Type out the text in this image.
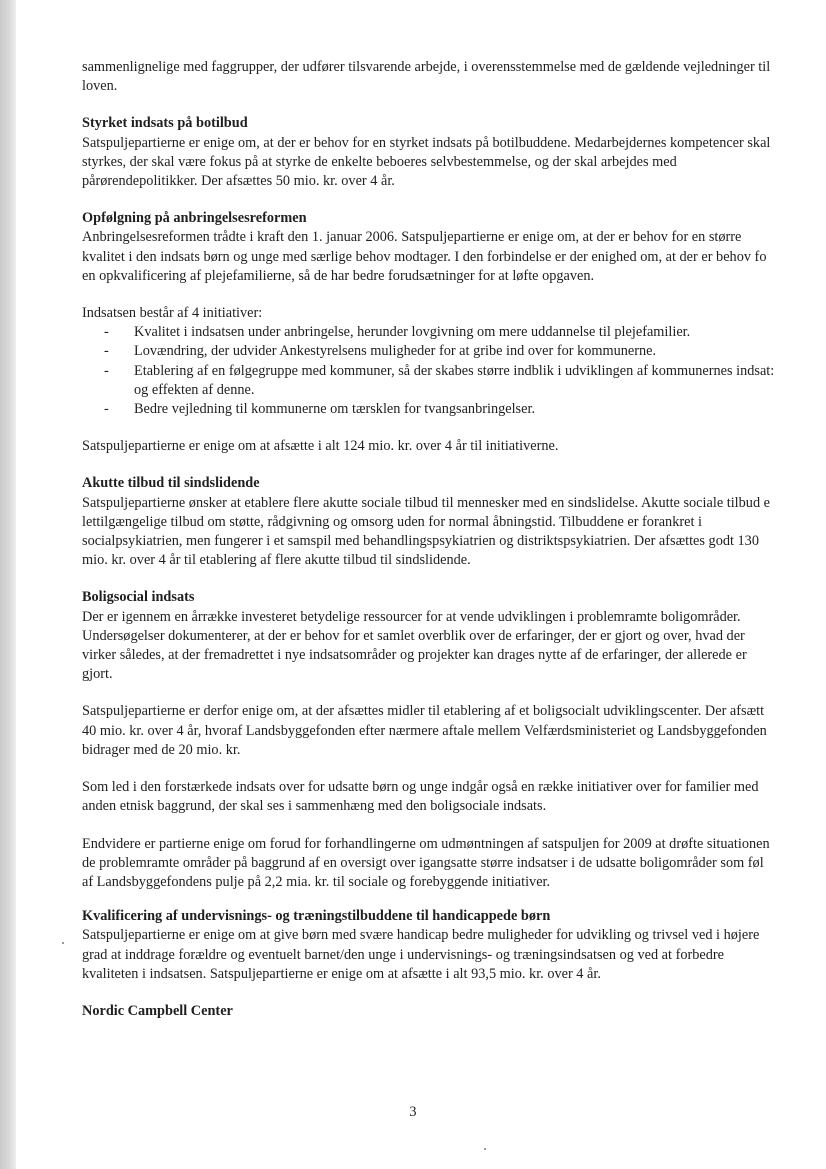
sammenlignelige med faggrupper, der udfører tilsvarende arbejde, i overensstemmelse med de gældende vejledninger til

loven.

Styrket indsats på botilbud

Satspuljepartierne er enige om, at der er behov for en styrket indsats på botilbuddene. Medarbejdernes kompetencer skal

styrkes, der skal være fokus på at styrke de enkelte beboeres selvbestemmelse, og der skal arbejdes med

pårørendepolitikker. Der afsættes 50 mio. kr. over 4 år.

Opfølgning på anbringelsesreformen

Anbringelsesreformen trådte i kraft den 1. januar 2006. Satspuljepartierne er enige om, at der er behov for en større

kvalitet i den indsats børn og unge med særlige behov modtager. I den forbindelse er der enighed om, at der er behov fo

en opkvalificering af plejefamilierne, så de har bedre forudsætninger for at løfte opgaven.

Indsatsen består af 4 initiativer:

-	Kvalitet i indsatsen under anbringelse, herunder lovgivning om mere uddannelse til plejefamilier.

-	Lovændring, der udvider Ankestyrelsens muligheder for at gribe ind over for kommunerne.

-	Etablering af en følgegruppe med kommuner, så der skabes større indblik i udviklingen af kommunernes indsat:

og effekten af denne.

-	Bedre vejledning til kommunerne om tærsklen for tvangsanbringelser.

Satspuljepartierne er enige om at afsætte i alt 124 mio. kr. over 4 år til initiativerne.

Akutte tilbud til sindslidende

Satspuljepartierne ønsker at etablere flere akutte sociale tilbud til mennesker med en sindslidelse. Akutte sociale tilbud e

lettilgængelige tilbud om støtte, rådgivning og omsorg uden for normal åbningstid. Tilbuddene er forankret i

socialpsykiatrien, men fungerer i et samspil med behandlingspsykiatrien og distriktspsykiatrien. Der afsættes godt 130

mio. kr. over 4 år til etablering af flere akutte tilbud til sindslidende.

Boligsocial indsats

Der er igennem en årrække investeret betydelige ressourcer for at vende udviklingen i problemramte boligområder.

Undersøgelser dokumenterer, at der er behov for et samlet overblik over de erfaringer, der er gjort og over, hvad der

virker således, at der fremadrettet i nye indsatsområder og projekter kan drages nytte af de erfaringer, der allerede er

gjort.

Satspuljepartierne er derfor enige om, at der afsættes midler til etablering af et boligsocialt udviklingscenter. Der afsætt

40 mio. kr. over 4 år, hvoraf Landsbyggefonden efter nærmere aftale mellem Velfærdsministeriet og Landsbyggefonden

bidrager med de 20 mio. kr.

Som led i den forstærkede indsats over for udsatte børn og unge indgår også en række initiativer over for familier med

anden etnisk baggrund, der skal ses i sammenhæng med den boligsociale indsats.

Endvidere er partierne enige om forud for forhandlingerne om udmøntningen af satspuljen for 2009 at drøfte situationen

de problemramte områder på baggrund af en oversigt over igangsatte større indsatser i de udsatte boligområder som føl

af Landsbyggefondens pulje på 2,2 mia. kr. til sociale og forebyggende initiativer.

Kvalificering af undervisnings- og træningstilbuddene til handicappede børn

Satspuljepartierne er enige om at give børn med svære handicap bedre muligheder for udvikling og trivsel ved i højere

grad at inddrage forældre og eventuelt barnet/den unge i undervisnings- og træningsindsatsen og ved at forbedre

kvaliteten i indsatsen. Satspuljepartierne er enige om at afsætte i alt 93,5 mio. kr. over 4 år.

Nordic Campbell Center

3
